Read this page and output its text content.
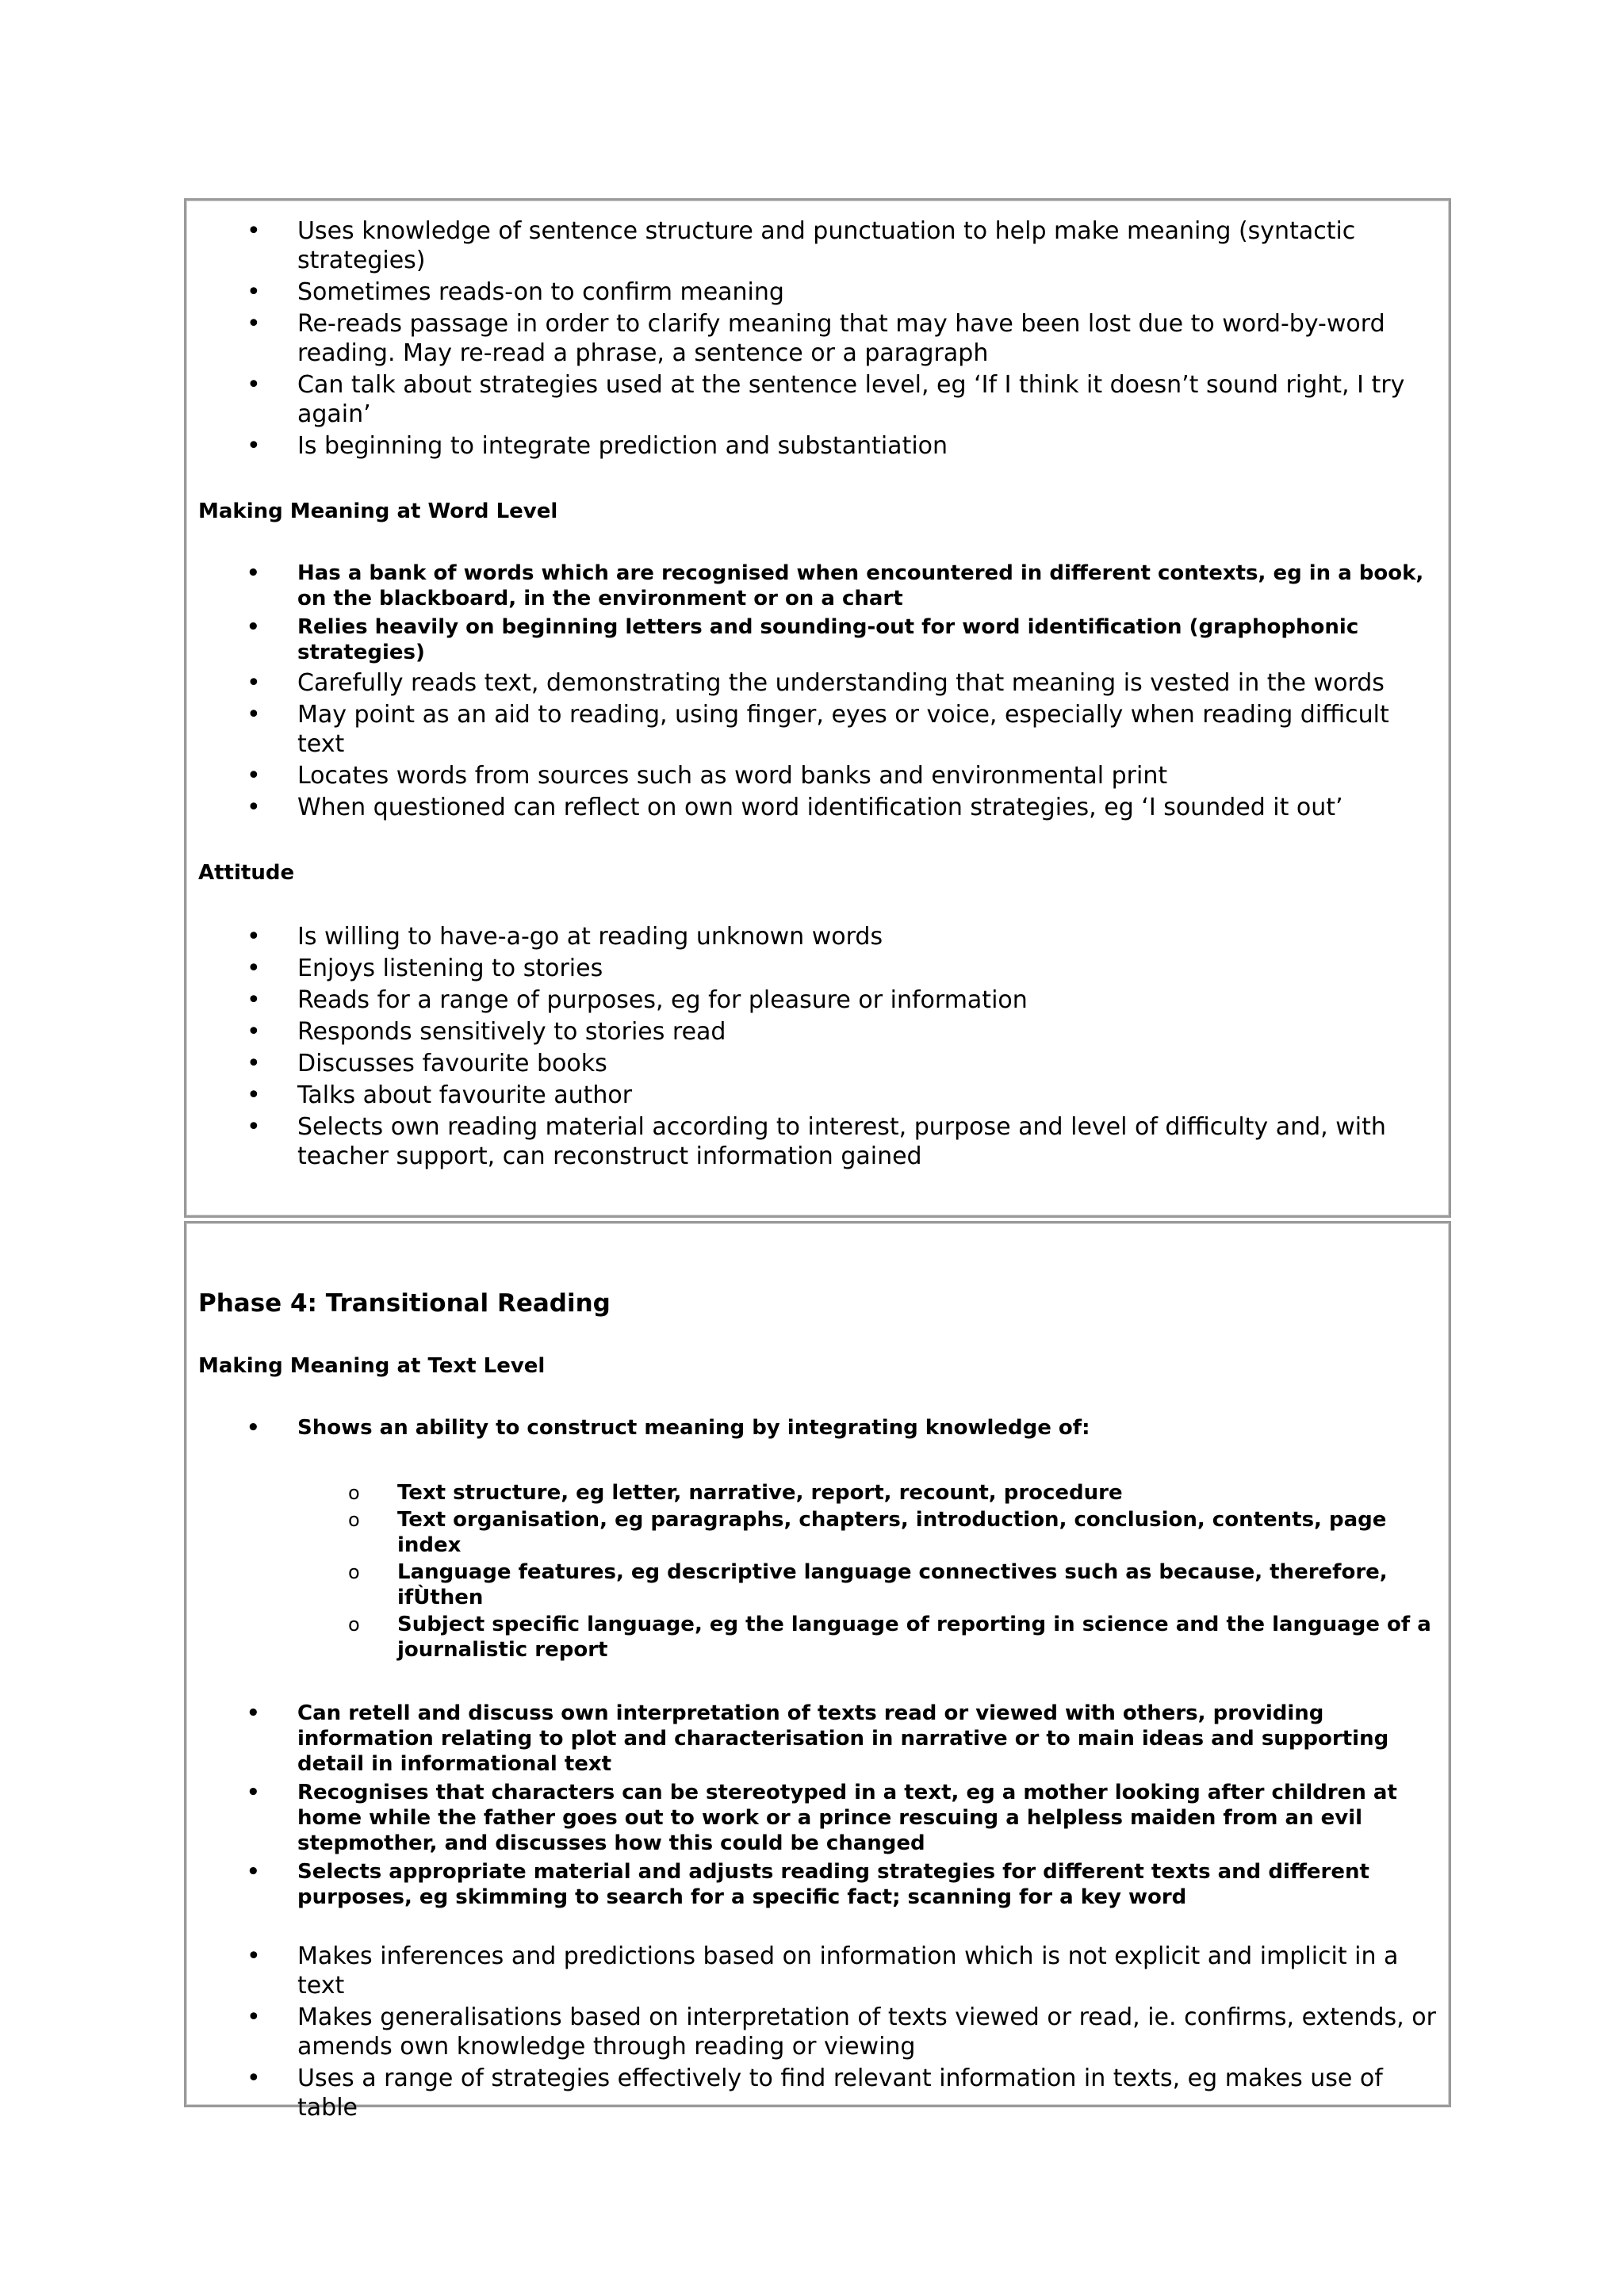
• Uses knowledge of sentence structure and punctuation to help make meaning (syntactic strategies)
• Sometimes reads-on to confirm meaning
• Re-reads passage in order to clarify meaning that may have been lost due to word-by-word reading. May re-read a phrase, a sentence or a paragraph
• Can talk about strategies used at the sentence level, eg ‘If I think it doesn’t sound right, I try again’
• Is beginning to integrate prediction and substantiation
Making Meaning at Word Level
• Has a bank of words which are recognised when encountered in different contexts, eg in a book, on the blackboard, in the environment or on a chart
• Relies heavily on beginning letters and sounding-out for word identification (graphophonic strategies)
• Carefully reads text, demonstrating the understanding that meaning is vested in the words
• May point as an aid to reading, using finger, eyes or voice, especially when reading difficult text
• Locates words from sources such as word banks and environmental print
• When questioned can reflect on own word identification strategies, eg ‘I sounded it out’
Attitude
• Is willing to have-a-go at reading unknown words
• Enjoys listening to stories
• Reads for a range of purposes, eg for pleasure or information
• Responds sensitively to stories read
• Discusses favourite books
• Talks about favourite author
• Selects own reading material according to interest, purpose and level of difficulty and, with teacher support, can reconstruct information gained
Phase 4: Transitional Reading
Making Meaning at Text Level
• Shows an ability to construct meaning by integrating knowledge of:
o Text structure, eg letter, narrative, report, recount, procedure
o Text organisation, eg paragraphs, chapters, introduction, conclusion, contents, page index
o Language features, eg descriptive language connectives such as because, therefore, ifÙthen
o Subject specific language, eg the language of reporting in science and the language of a journalistic report
• Can retell and discuss own interpretation of texts read or viewed with others, providing information relating to plot and characterisation in narrative or to main ideas and supporting detail in informational text
• Recognises that characters can be stereotyped in a text, eg a mother looking after children at home while the father goes out to work or a prince rescuing a helpless maiden from an evil stepmother, and discusses how this could be changed
• Selects appropriate material and adjusts reading strategies for different texts and different purposes, eg skimming to search for a specific fact; scanning for a key word
• Makes inferences and predictions based on information which is not explicit and implicit in a text
• Makes generalisations based on interpretation of texts viewed or read, ie. confirms, extends, or amends own knowledge through reading or viewing
• Uses a range of strategies effectively to find relevant information in texts, eg makes use of table
